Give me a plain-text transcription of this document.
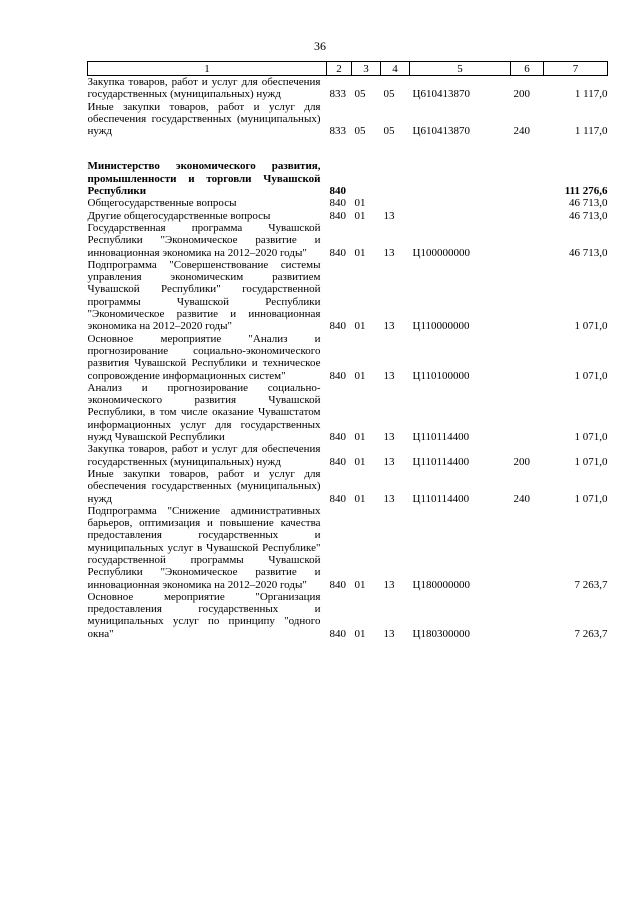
36
1	2	3	4	5	6	7
Закупка товаров, работ и услуг для обеспечения государственных (муниципальных) нужд	833	05	05	Ц610413870	200	1 117,0
Иные закупки товаров, работ и услуг для обеспечения государственных (муниципальных) нужд	833	05	05	Ц610413870	240	1 117,0

Министерство экономического развития, промышленности и торговли Чувашской Республики	840					111 276,6
Общегосударственные вопросы	840	01				46 713,0
Другие общегосударственные вопросы	840	01	13			46 713,0
Государственная программа Чувашской Республики "Экономическое развитие и инновационная экономика на 2012–2020 годы"	840	01	13	Ц100000000		46 713,0
Подпрограмма "Совершенствование системы управления экономическим развитием Чувашской Республики" государственной программы Чувашской Республики "Экономическое развитие и инновационная экономика на 2012–2020 годы"	840	01	13	Ц110000000		1 071,0
Основное мероприятие "Анализ и прогнозирование социально-экономического развития Чувашской Республики и техническое сопровождение информационных систем"	840	01	13	Ц110100000		1 071,0
Анализ и прогнозирование социально-экономического развития Чувашской Республики, в том числе оказание Чувашстатом информационных услуг для государственных нужд Чувашской Республики	840	01	13	Ц110114400		1 071,0
Закупка товаров, работ и услуг для обеспечения государственных (муниципальных) нужд	840	01	13	Ц110114400	200	1 071,0
Иные закупки товаров, работ и услуг для обеспечения государственных (муниципальных) нужд	840	01	13	Ц110114400	240	1 071,0
Подпрограмма "Снижение административных барьеров, оптимизация и повышение качества предоставления государственных и муниципальных услуг в Чувашской Республике" государственной программы Чувашской Республики "Экономическое развитие и инновационная экономика на 2012–2020 годы"	840	01	13	Ц180000000		7 263,7
Основное мероприятие "Организация предоставления государственных и муниципальных услуг по принципу "одного окна"	840	01	13	Ц180300000		7 263,7
